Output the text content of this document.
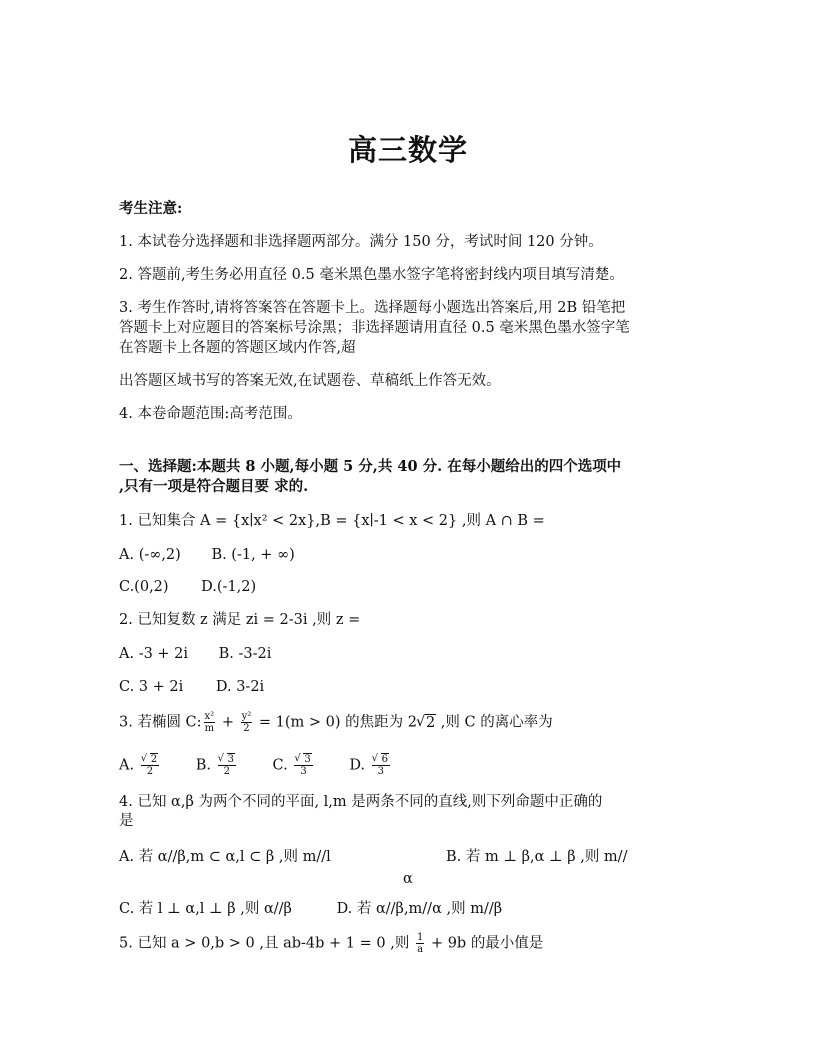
高三数学
考生注意:
1. 本试卷分选择题和非选择题两部分。满分 150 分，考试时间 120 分钟。
2. 答题前,考生务必用直径 0.5 毫米黑色墨水签字笔将密封线内项目填写清楚。
3. 考生作答时,请将答案答在答题卡上。选择题每小题选出答案后,用 2B 铅笔把
答题卡上对应题目的答案标号涂黑；非选择题请用直径 0.5 毫米黑色墨水签字笔
在答题卡上各题的答题区域内作答,超
出答题区域书写的答案无效,在试题卷、草稿纸上作答无效。
4. 本卷命题范围:高考范围。
一、选择题:本题共 8 小题,每小题 5 分,共 40 分. 在每小题给出的四个选项中
,只有一项是符合题目要 求的.
1. 已知集合 A = {x∣x² < 2x},B = {x∣-1 < x < 2} ,则 A ∩ B =
A. (-∞,2) B. (-1, + ∞)
C.(0,2) D.(-1,2)
2. 已知复数 z 满足 zi = 2-3i ,则 z =
A. -3 + 2i B. -3-2i
C. 3 + 2i D. 3-2i
3. 若椭圆 C: $\frac{\text{x²}}{m} + \frac{\text{y²}}{2} = 1(m > 0)$ 的焦距为 2 √ 2 ,则 C 的离心率为
A. √ $\frac{2}{2}$	B. √ $\frac{3}{2}$	C. √ $\frac{3}{3}$	D. √ $\frac{6}{3}$
4. 已知 α,β 为两个不同的平面, l,m 是两条不同的直线,则下列命题中正确的
是
A. 若 α//β,m ⊂ α,l ⊂ β ,则 m//l	B. 若 m ⊥ β,α ⊥ β ,则 m//
α
C. 若 l ⊥ α,l ⊥ β ,则 α//β	D. 若 α//β,m//α ,则 m//β
5. 已知 a > 0,b > 0 ,且 ab-4b + 1 = 0 ,则 $\frac{1}{a} + 9b$ 的最小值是
